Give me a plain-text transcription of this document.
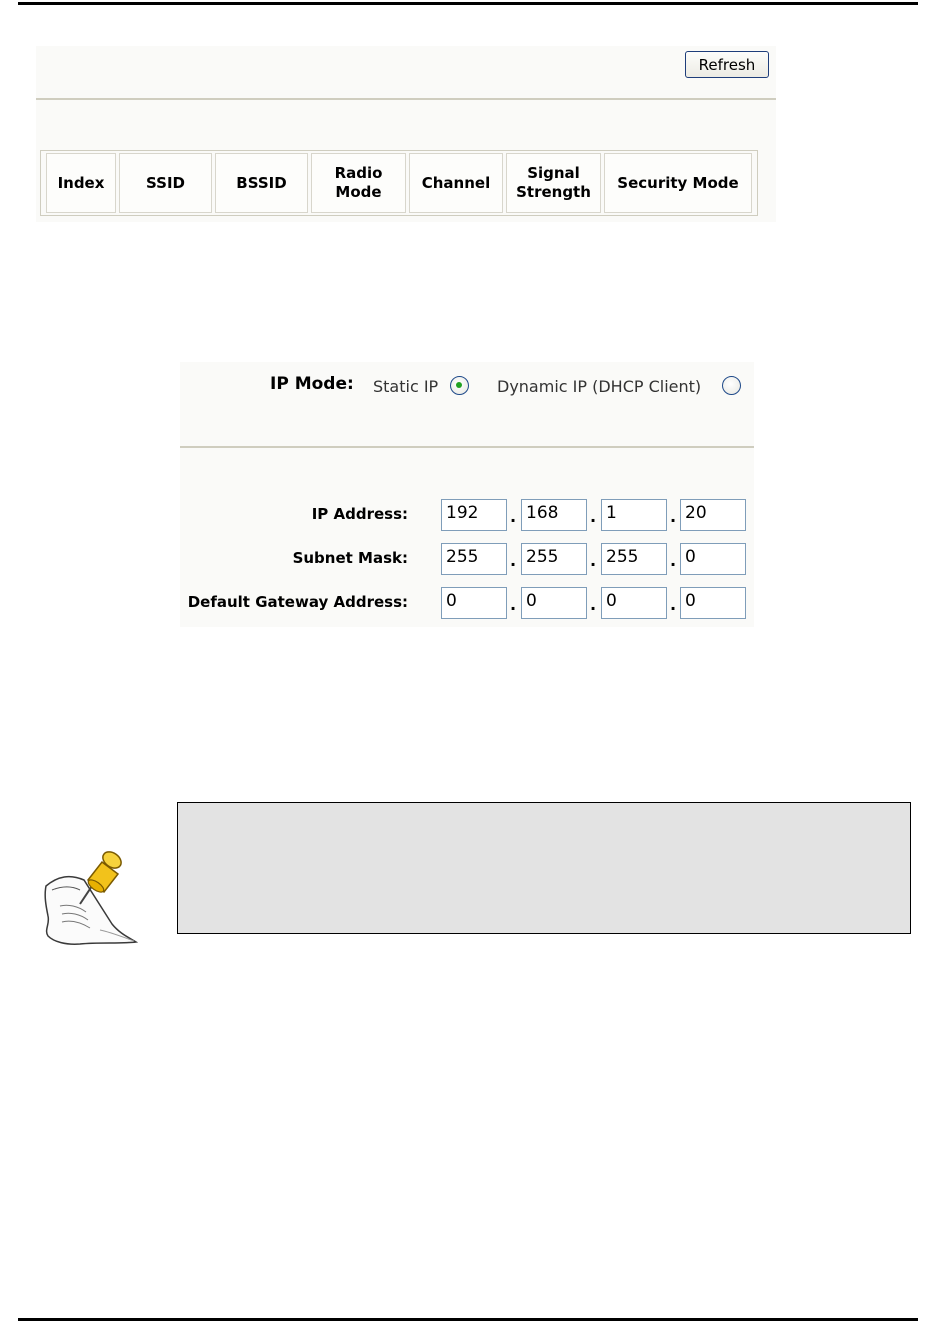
Refresh
Index	SSID	BSSID	Radio Mode	Channel	Signal Strength	Security Mode
IP Mode: Static IP	Dynamic IP (DHCP Client)
IP Address: 192	. 168	. 1	. 20
Subnet Mask: 255	. 255	. 255	. 0
Default Gateway Address: 0	. 0	. 0	. 0
